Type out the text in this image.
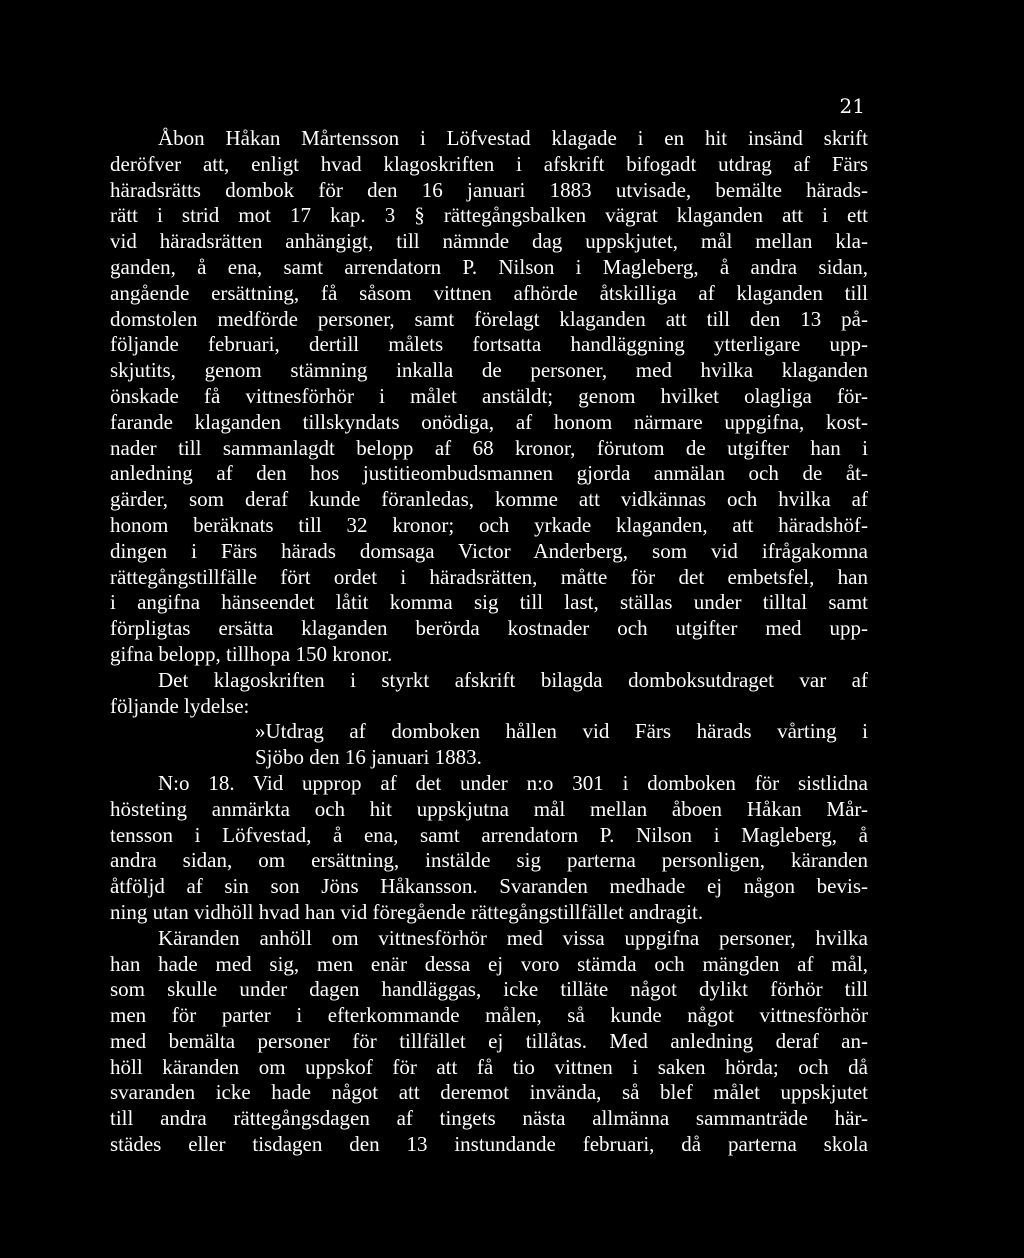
21
Åbon Håkan Mårtensson i Löfvestad klagade i en hit insänd skrift
deröfver att, enligt hvad klagoskriften i afskrift bifogadt utdrag af Färs
häradsrätts dombok för den 16 januari 1883 utvisade, bemälte härads-
rätt i strid mot 17 kap. 3 § rättegångsbalken vägrat klaganden att i ett
vid häradsrätten anhängigt, till nämnde dag uppskjutet, mål mellan kla-
ganden, å ena, samt arrendatorn P. Nilson i Magleberg, å andra sidan,
angående ersättning, få såsom vittnen afhörde åtskilliga af klaganden till
domstolen medförde personer, samt förelagt klaganden att till den 13 på-
följande februari, dertill målets fortsatta handläggning ytterligare upp-
skjutits, genom stämning inkalla de personer, med hvilka klaganden
önskade få vittnesförhör i målet anstäldt; genom hvilket olagliga för-
farande klaganden tillskyndats onödiga, af honom närmare uppgifna, kost-
nader till sammanlagdt belopp af 68 kronor, förutom de utgifter han i
anledning af den hos justitieombudsmannen gjorda anmälan och de åt-
gärder, som deraf kunde föranledas, komme att vidkännas och hvilka af
honom beräknats till 32 kronor; och yrkade klaganden, att häradshöf-
dingen i Färs härads domsaga Victor Anderberg, som vid ifrågakomna
rättegångstillfälle fört ordet i häradsrätten, måtte för det embetsfel, han
i angifna hänseendet låtit komma sig till last, ställas under tilltal samt
förpligtas ersätta klaganden berörda kostnader och utgifter med upp-
gifna belopp, tillhopa 150 kronor.
Det klagoskriften i styrkt afskrift bilagda domboksutdraget var af
följande lydelse:
»Utdrag af domboken hållen vid Färs härads vårting i
Sjöbo den 16 januari 1883.
N:o 18. Vid upprop af det under n:o 301 i domboken för sistlidna
hösteting anmärkta och hit uppskjutna mål mellan åboen Håkan Mår-
tensson i Löfvestad, å ena, samt arrendatorn P. Nilson i Magleberg, å
andra sidan, om ersättning, instälde sig parterna personligen, käranden
åtföljd af sin son Jöns Håkansson. Svaranden medhade ej någon bevis-
ning utan vidhöll hvad han vid föregående rättegångstillfället andragit.
Käranden anhöll om vittnesförhör med vissa uppgifna personer, hvilka
han hade med sig, men enär dessa ej voro stämda och mängden af mål,
som skulle under dagen handläggas, icke tilläte något dylikt förhör till
men för parter i efterkommande målen, så kunde något vittnesförhör
med bemälta personer för tillfället ej tillåtas. Med anledning deraf an-
höll käranden om uppskof för att få tio vittnen i saken hörda; och då
svaranden icke hade något att deremot invända, så blef målet uppskjutet
till andra rättegångsdagen af tingets nästa allmänna sammanträde här-
städes eller tisdagen den 13 instundande februari, då parterna skola
